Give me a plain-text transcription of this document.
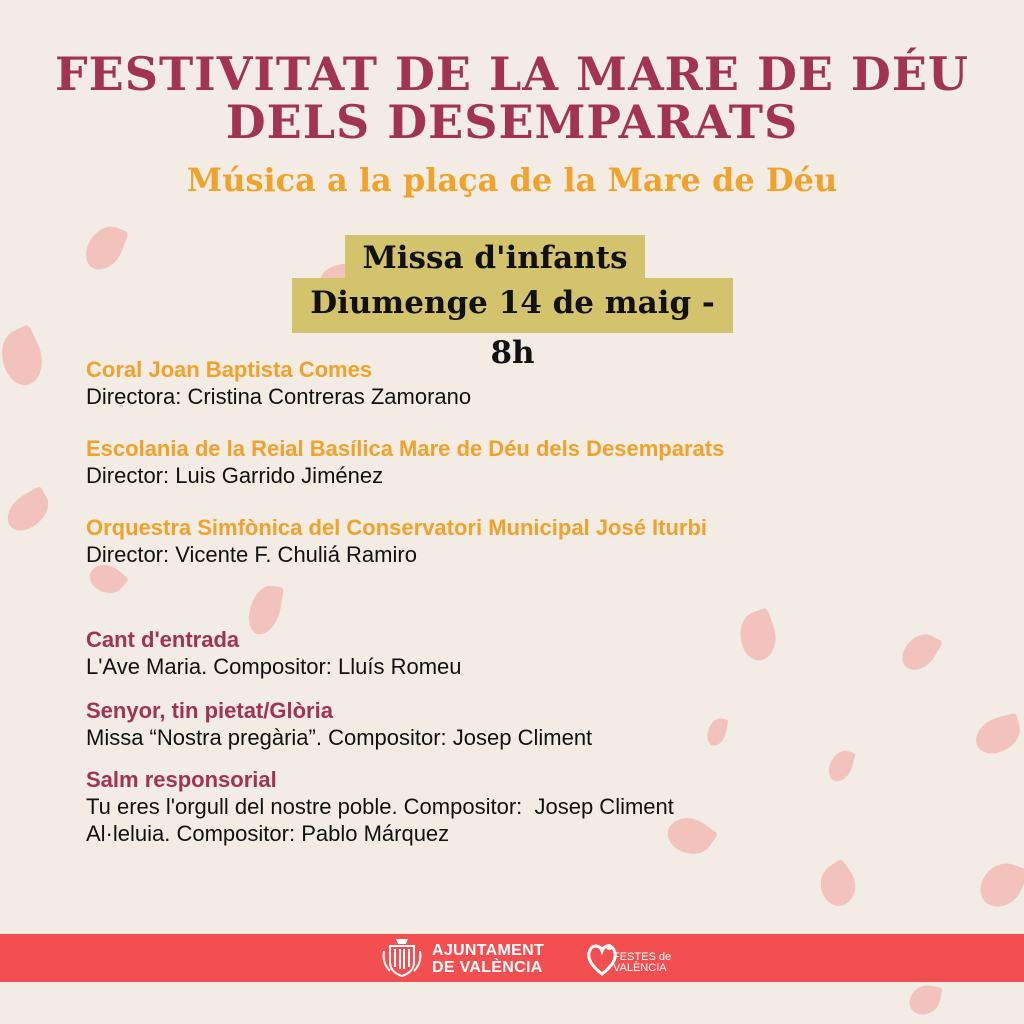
FESTIVITAT DE LA MARE DE DÉU
DELS DESEMPARATS
Música a la plaça de la Mare de Déu
Missa d'infants
Diumenge 14 de maig - 8h
Coral Joan Baptista Comes
Directora: Cristina Contreras Zamorano
Escolania de la Reial Basílica Mare de Déu dels Desemparats
Director: Luis Garrido Jiménez
Orquestra Simfònica del Conservatori Municipal José Iturbi
Director: Vicente F. Chuliá Ramiro
Cant d'entrada
L'Ave Maria. Compositor: Lluís Romeu
Senyor, tin pietat/Glòria
Missa “Nostra pregària”. Compositor: Josep Climent
Salm responsorial
Tu eres l'orgull del nostre poble. Compositor:  Josep Climent
Al·leluia. Compositor: Pablo Márquez
AJUNTAMENT
DE VALÈNCIA
FESTES de
VALÈNCIA
